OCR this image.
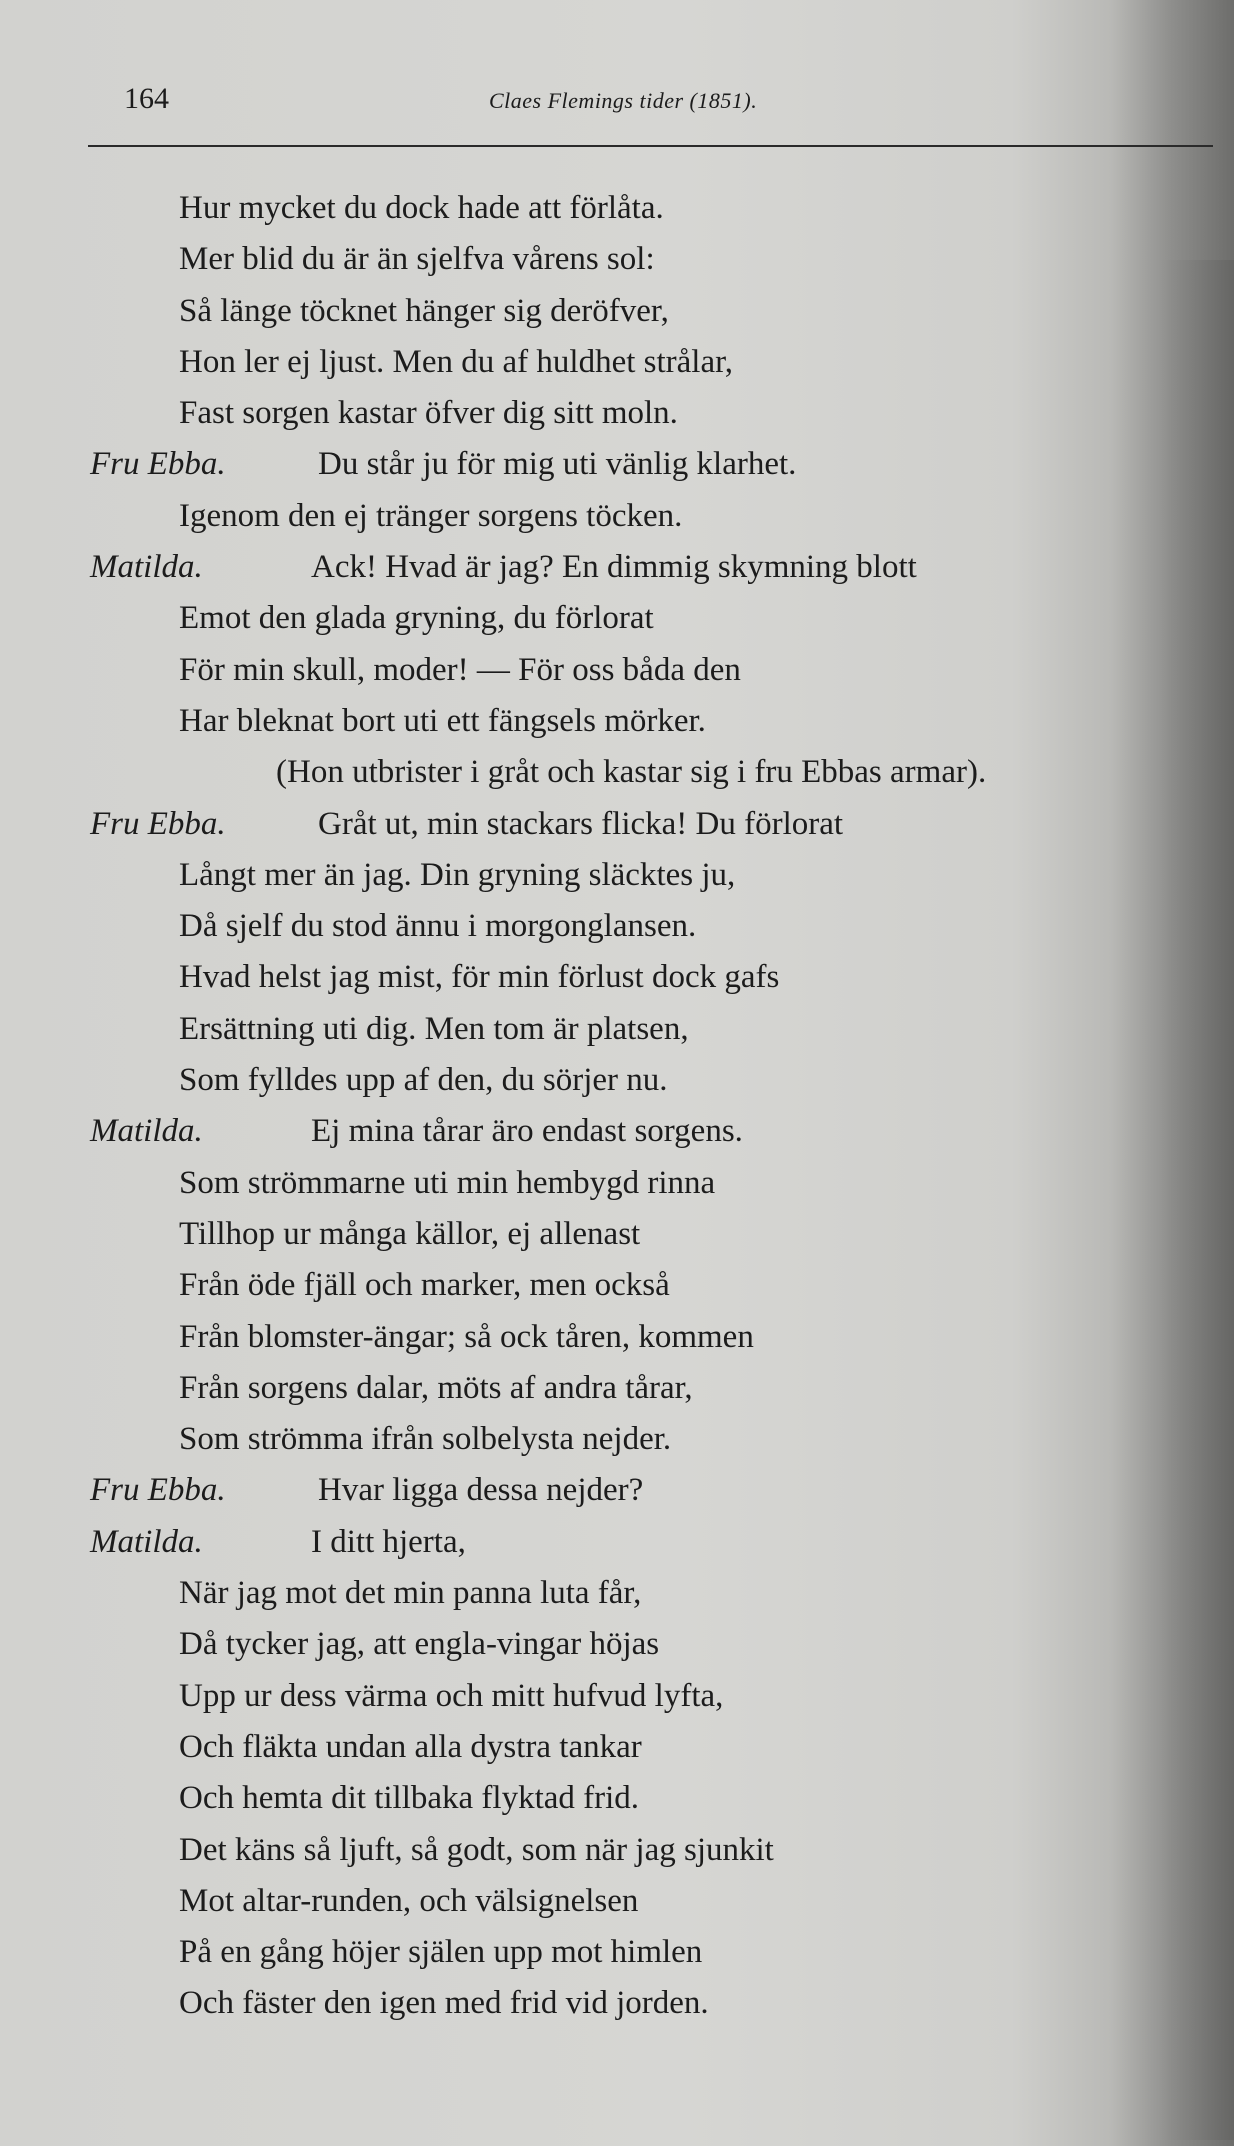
164	Claes Flemings tider (1851).
Hur mycket du dock hade att förlåta.
Mer blid du är än sjelfva vårens sol:
Så länge töcknet hänger sig deröfver,
Hon ler ej ljust. Men du af huldhet strålar,
Fast sorgen kastar öfver dig sitt moln.
Fru Ebba.	Du står ju för mig uti vänlig klarhet.
Igenom den ej tränger sorgens töcken.
Matilda.	Ack! Hvad är jag? En dimmig skymning blott
Emot den glada gryning, du förlorat
För min skull, moder! — För oss båda den
Har bleknat bort uti ett fängsels mörker.
(Hon utbrister i gråt och kastar sig i fru Ebbas armar).
Fru Ebba.	Gråt ut, min stackars flicka! Du förlorat
Långt mer än jag. Din gryning släcktes ju,
Då sjelf du stod ännu i morgonglansen.
Hvad helst jag mist, för min förlust dock gafs
Ersättning uti dig. Men tom är platsen,
Som fylldes upp af den, du sörjer nu.
Matilda.	Ej mina tårar äro endast sorgens.
Som strömmarne uti min hembygd rinna
Tillhop ur många källor, ej allenast
Från öde fjäll och marker, men också
Från blomster-ängar; så ock tåren, kommen
Från sorgens dalar, möts af andra tårar,
Som strömma ifrån solbelysta nejder.
Fru Ebba.	Hvar ligga dessa nejder?
Matilda.	I ditt hjerta,
När jag mot det min panna luta får,
Då tycker jag, att engla-vingar höjas
Upp ur dess värma och mitt hufvud lyfta,
Och fläkta undan alla dystra tankar
Och hemta dit tillbaka flyktad frid.
Det käns så ljuft, så godt, som när jag sjunkit
Mot altar-runden, och välsignelsen
På en gång höjer själen upp mot himlen
Och fäster den igen med frid vid jorden.
